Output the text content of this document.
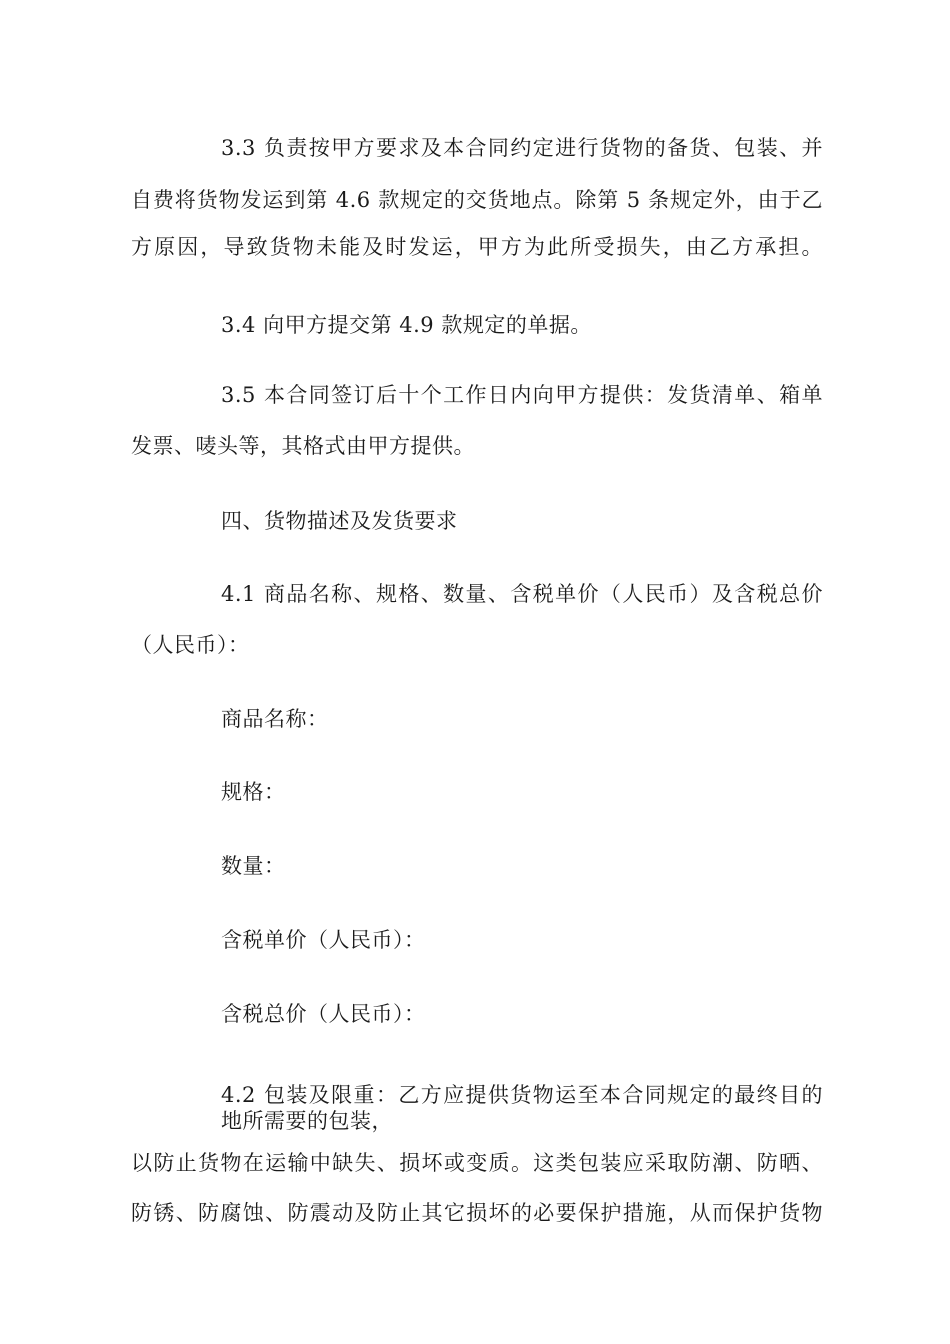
3.3 负责按甲方要求及本合同约定进行货物的备货、包装、并
自费将货物发运到第 4.6 款规定的交货地点。除第 5 条规定外，由于乙
方原因，导致货物未能及时发运，甲方为此所受损失，由乙方承担。
3.4 向甲方提交第 4.9 款规定的单据。
3.5 本合同签订后十个工作日内向甲方提供：发货清单、箱单
发票、唛头等，其格式由甲方提供。
四、货物描述及发货要求
4.1 商品名称、规格、数量、含税单价（人民币）及含税总价
（人民币）：
商品名称：
规格：
数量：
含税单价（人民币）：
含税总价（人民币）：
4.2 包装及限重：乙方应提供货物运至本合同规定的最终目的
地所需要的包装，
以防止货物在运输中缺失、损坏或变质。这类包装应采取防潮、防晒、
防锈、防腐蚀、防震动及防止其它损坏的必要保护措施，从而保护货物
